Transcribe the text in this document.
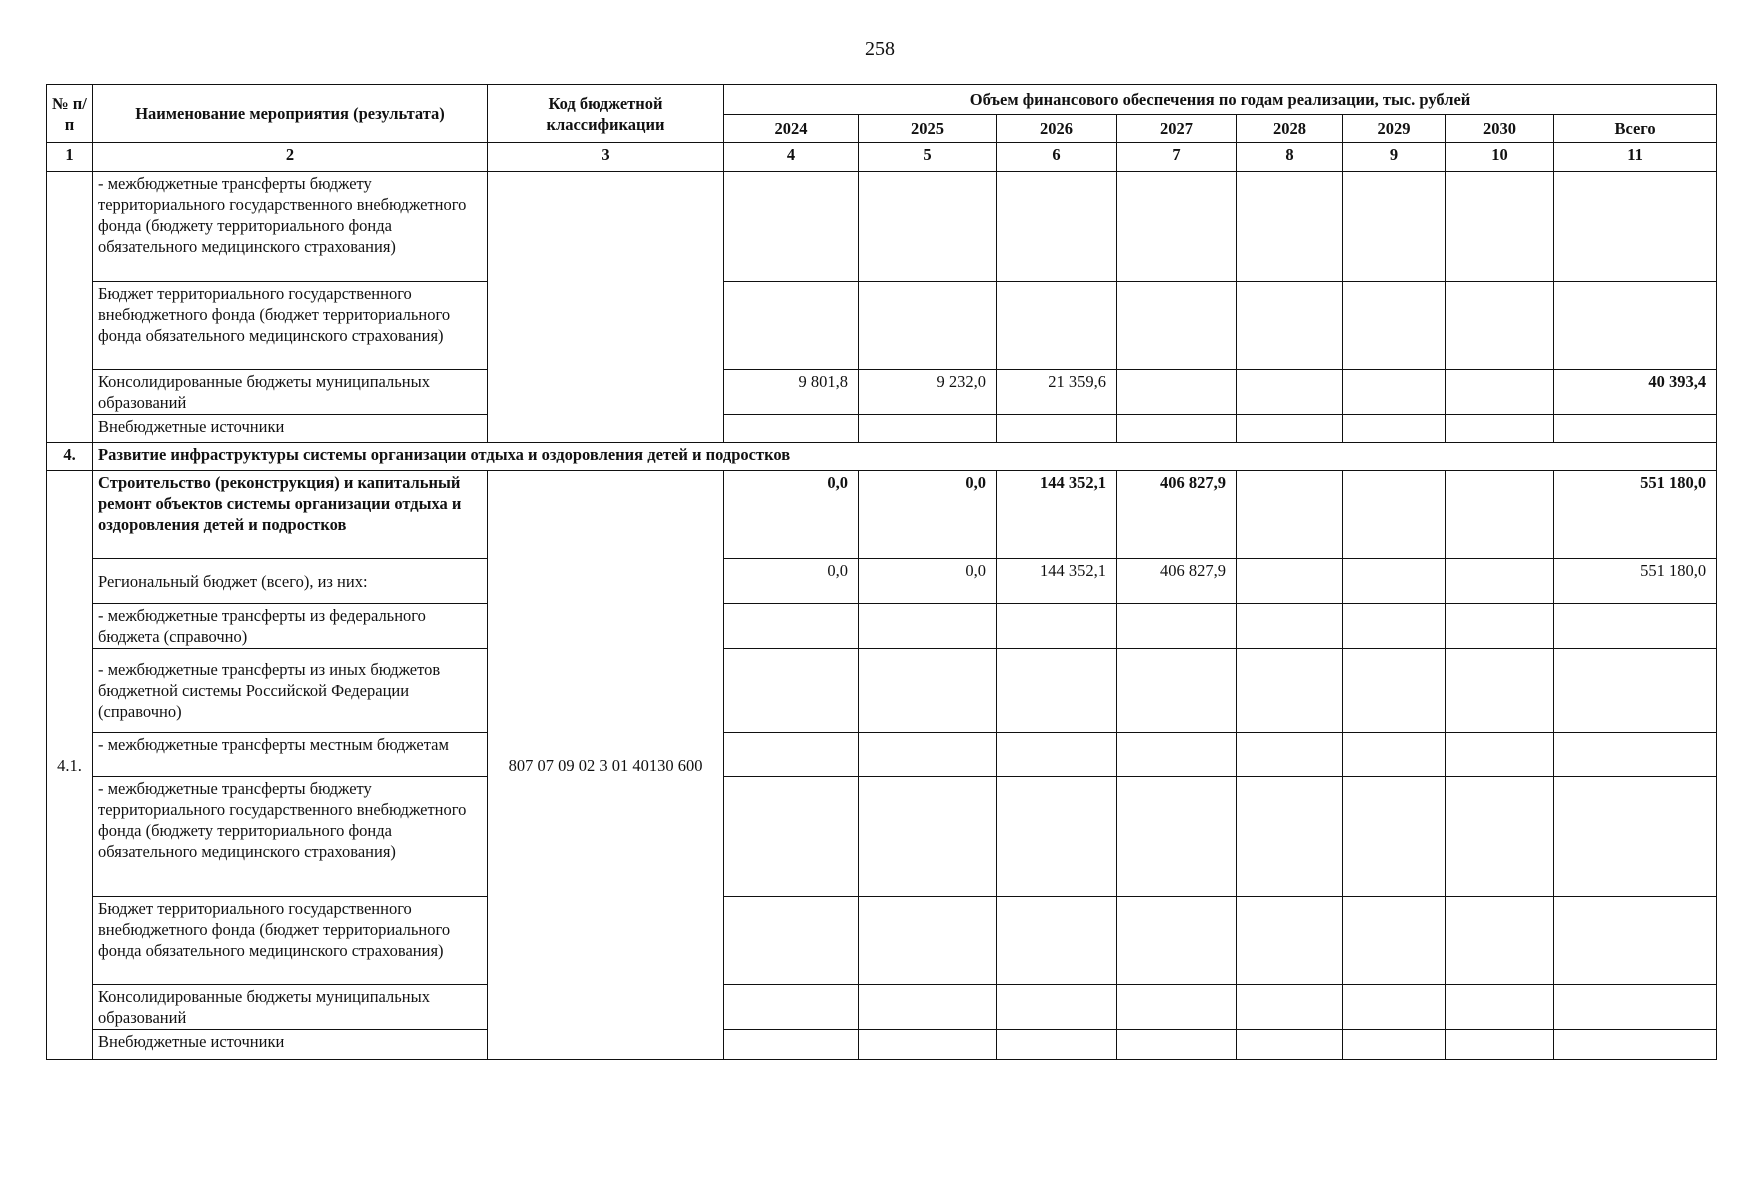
258
№ п/п	Наименование мероприятия (результата)	Код бюджетной классификации	Объем финансового обеспечения по годам реализации, тыс. рублей							
			2024	2025	2026	2027	2028	2029	2030	Всего
1	2	3	4	5	6	7	8	9	10	11
	- межбюджетные трансферты бюджету территориального государственного внебюджетного фонда (бюджету территориального фонда обязательного медицинского страхования)									
	Бюджет территориального государственного внебюджетного фонда (бюджет территориального фонда обязательного медицинского страхования)									
	Консолидированные бюджеты муниципальных образований		9 801,8	9 232,0	21 359,6					40 393,4
	Внебюджетные источники									
4.	Развитие инфраструктуры системы организации отдыха и оздоровления детей и подростков									
4.1.	Строительство (реконструкция) и капитальный ремонт объектов системы организации отдыха и оздоровления детей и подростков	807 07 09 02 3 01 40130 600	0,0	0,0	144 352,1	406 827,9				551 180,0
	Региональный бюджет (всего), из них:		0,0	0,0	144 352,1	406 827,9				551 180,0
	- межбюджетные трансферты из федерального бюджета (справочно)									
	- межбюджетные трансферты из иных бюджетов бюджетной системы Российской Федерации (справочно)									
	- межбюджетные трансферты местным бюджетам									
	- межбюджетные трансферты бюджету территориального государственного внебюджетного фонда (бюджету территориального фонда обязательного медицинского страхования)									
	Бюджет территориального государственного внебюджетного фонда (бюджет территориального фонда обязательного медицинского страхования)									
	Консолидированные бюджеты муниципальных образований									
	Внебюджетные источники									
